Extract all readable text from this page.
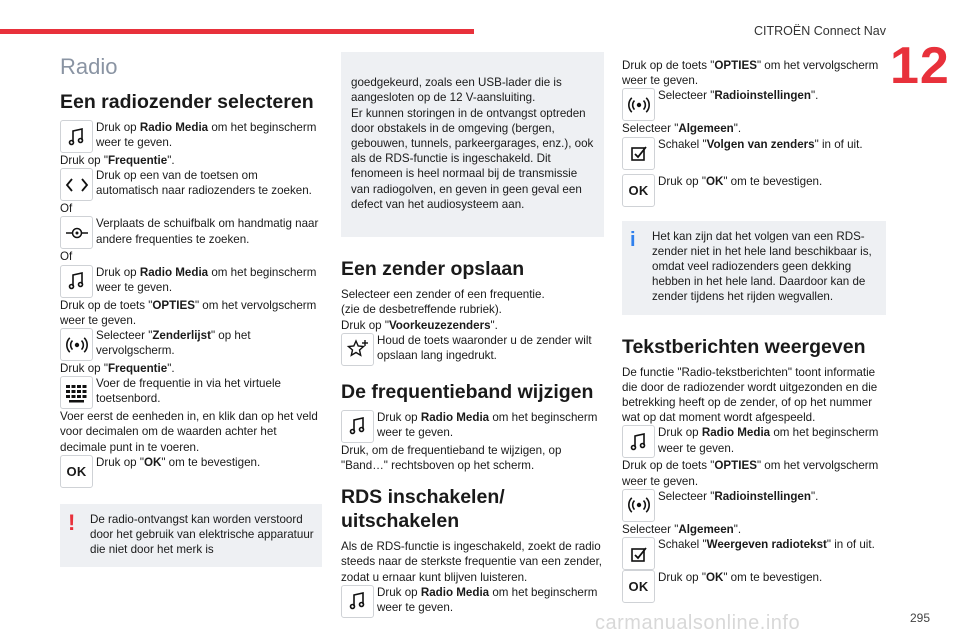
CITROËN Connect Nav
12
Radio
Een radiozender selecteren
Druk op Radio Media om het beginscherm weer te geven.
Druk op "Frequentie".
Druk op een van de toetsen om automatisch naar radiozenders te zoeken.
Of
Verplaats de schuifbalk om handmatig naar andere frequenties te zoeken.
Of
Druk op Radio Media om het beginscherm weer te geven.
Druk op de toets "OPTIES" om het vervolgscherm weer te geven.
Selecteer "Zenderlijst" op het vervolgscherm.
Druk op "Frequentie".
Voer de frequentie in via het virtuele toetsenbord.
Voer eerst de eenheden in, en klik dan op het veld voor decimalen om de waarden achter het decimale punt in te voeren.
OK
Druk op "OK" om te bevestigen.
!	De radio-ontvangst kan worden verstoord door het gebruik van elektrische apparatuur die niet door het merk is

goedgekeurd, zoals een USB-lader die is aangesloten op de 12 V-aansluiting.
Er kunnen storingen in de ontvangst optreden door obstakels in de omgeving (bergen, gebouwen, tunnels, parkeergarages, enz.), ook als de RDS-functie is ingeschakeld. Dit fenomeen is heel normaal bij de transmissie van radiogolven, en geven in geen geval een defect van het audiosysteem aan.

Een zender opslaan
Selecteer een zender of een frequentie.
(zie de desbetreffende rubriek).
Druk op "Voorkeuzezenders".
Houd de toets waaronder u de zender wilt opslaan lang ingedrukt.
De frequentieband wijzigen
Druk op Radio Media om het beginscherm weer te geven.
Druk, om de frequentieband te wijzigen, op "Band…" rechtsboven op het scherm.
RDS inschakelen/ uitschakelen
Als de RDS-functie is ingeschakeld, zoekt de radio steeds naar de sterkste frequentie van een zender, zodat u ernaar kunt blijven luisteren.
Druk op Radio Media om het beginscherm weer te geven.
Druk op de toets "OPTIES" om het vervolgscherm weer te geven.
Selecteer "Radioinstellingen".
Selecteer "Algemeen".
Schakel "Volgen van zenders" in of uit.
OK
Druk op "OK" om te bevestigen.
i	Het kan zijn dat het volgen van een RDS-zender niet in het hele land beschikbaar is, omdat veel radiozenders geen dekking hebben in het hele land. Daardoor kan de zender tijdens het rijden wegvallen.
Tekstberichten weergeven
De functie "Radio-tekstberichten" toont informatie die door de radiozender wordt uitgezonden en die betrekking heeft op de zender, of op het nummer wat op dat moment wordt afgespeeld.
Druk op Radio Media om het beginscherm weer te geven.
Druk op de toets "OPTIES" om het vervolgscherm weer te geven.
Selecteer "Radioinstellingen".
Selecteer "Algemeen".
Schakel "Weergeven radiotekst" in of uit.
OK
Druk op "OK" om te bevestigen.
carmanualsonline.info	295
